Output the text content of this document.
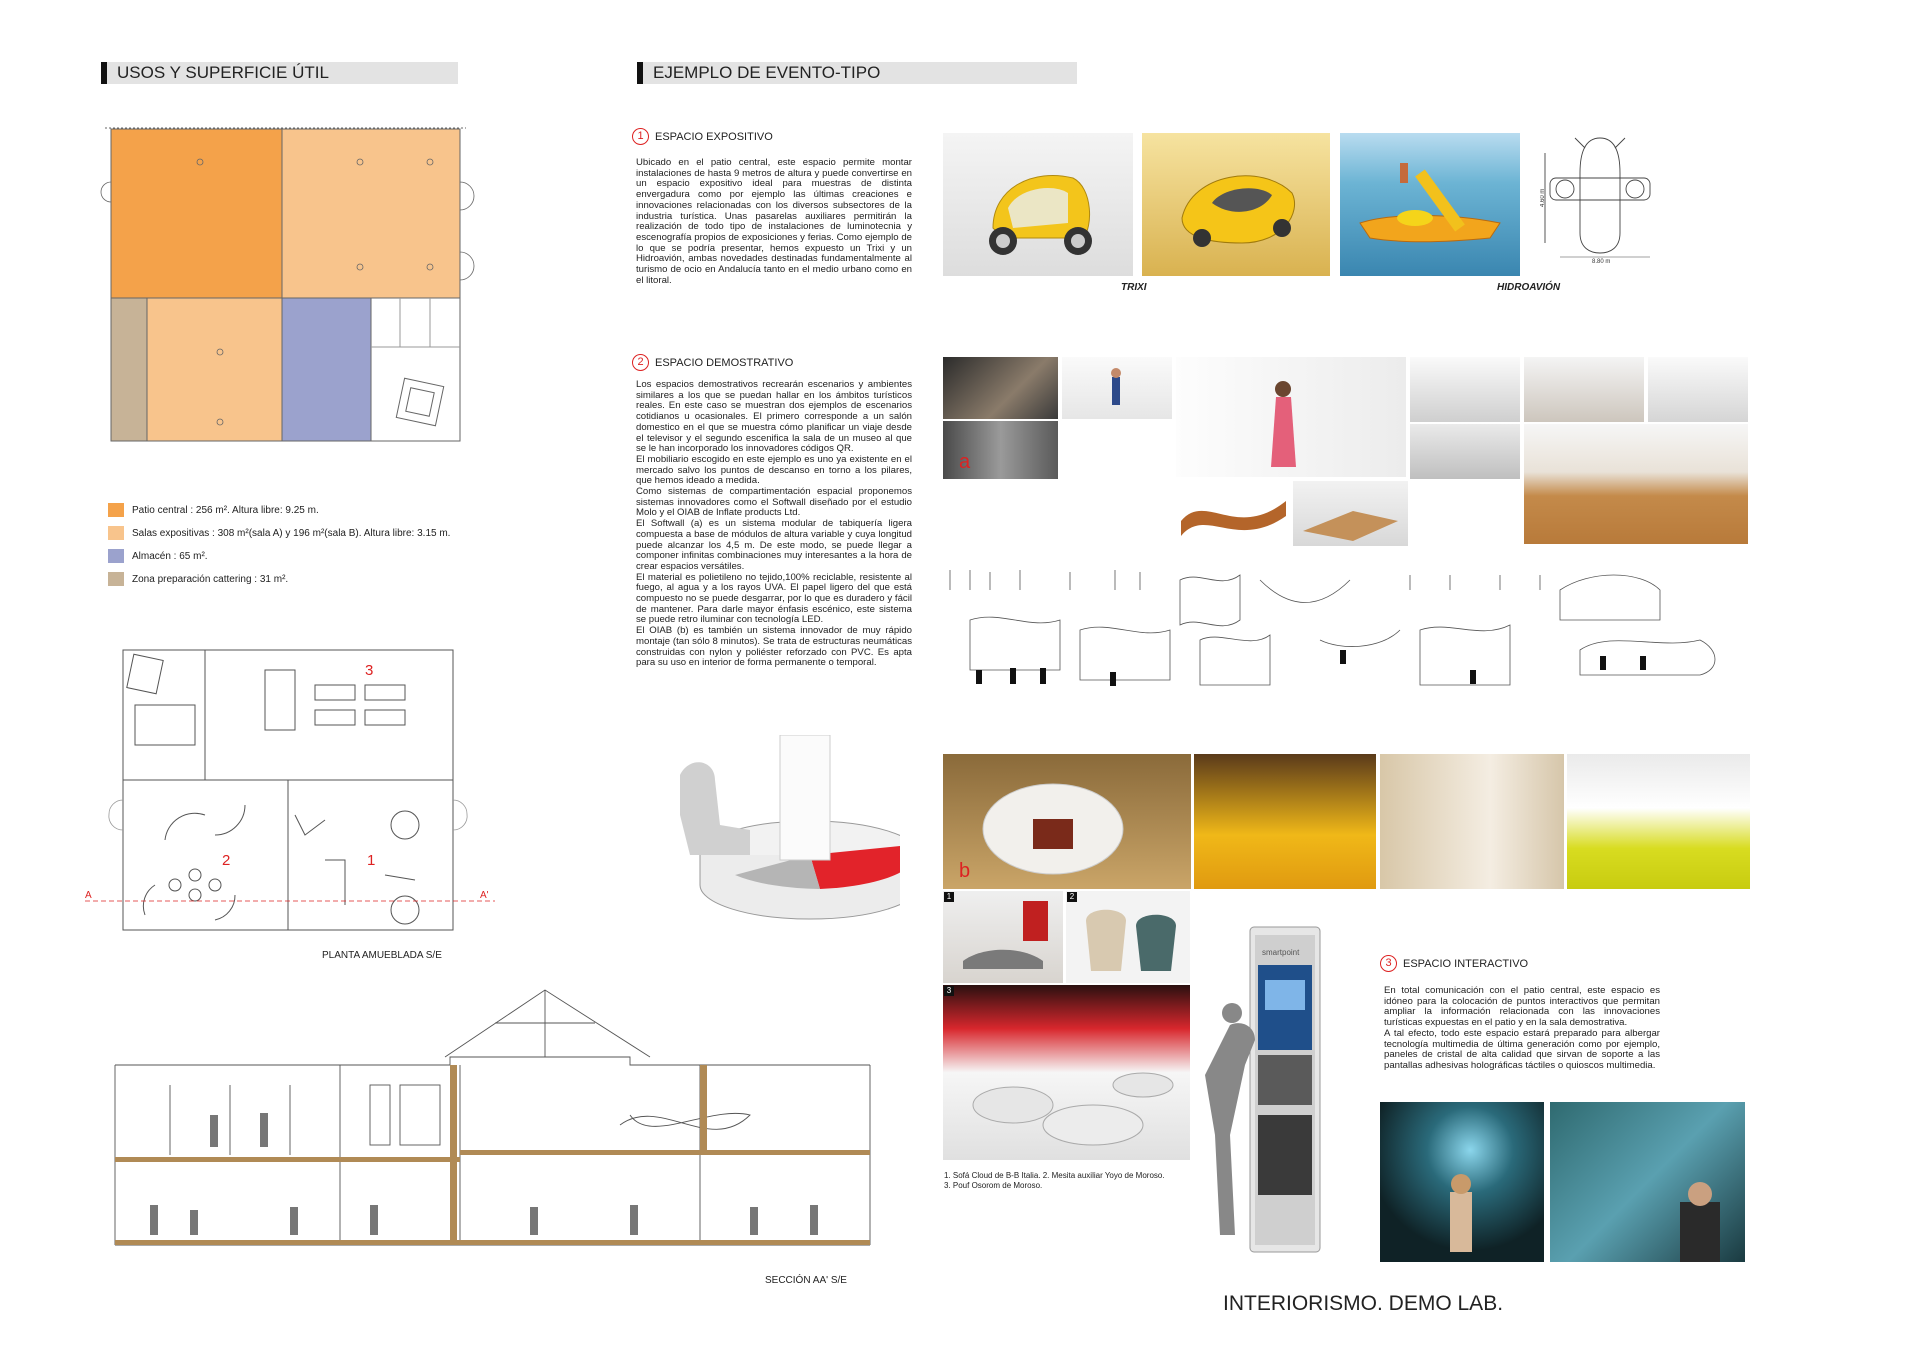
USOS Y SUPERFICIE ÚTIL
Patio central : 256 m². Altura libre: 9.25 m.
Salas expositivas : 308 m²(sala A) y 196 m²(sala B). Altura libre: 3.15 m.
Almacén : 65 m².
Zona preparación cattering : 31 m².
A	A'
3
2	1
PLANTA AMUEBLADA S/E
SECCIÓN AA' S/E
EJEMPLO DE EVENTO-TIPO
1	ESPACIO EXPOSITIVO
Ubicado en el patio central, este espacio permite montar instalaciones de hasta 9 metros de altura y puede convertirse en un espacio expositivo ideal para muestras de distinta envergadura como por ejemplo las últimas creaciones e innovaciones relacionadas con los diversos subsectores de la industria turística. Unas pasarelas auxiliares permitirán la realización de todo tipo de instalaciones de luminotecnia y escenografía propios de exposiciones y ferias. Como ejemplo de lo que se podría presentar, hemos expuesto un Trixi y un Hidroavión, ambas novedades destinadas fundamentalmente al turismo de ocio en Andalucía tanto en el medio urbano como en el litoral.
8.80 m
4.60 m
TRIXI	HIDROAVIÓN
2	ESPACIO DEMOSTRATIVO

Los espacios demostrativos recrearán escenarios y ambientes similares a los que se puedan hallar en los ámbitos turísticos reales. En este caso se muestran dos ejemplos de escenarios cotidianos u ocasionales. El primero corresponde a un salón domestico en el que se muestra cómo planificar un viaje desde el televisor y el segundo escenifica la sala de un museo al que se le han incorporado los innovadores códigos QR.

El mobiliario escogido en este ejemplo es uno ya existente en el mercado salvo los puntos de descanso en torno a los pilares, que hemos ideado a medida.

Como sistemas de compartimentación espacial proponemos sistemas innovadores como el Softwall diseñado por el estudio Molo y el OIAB de Inflate products Ltd.

El Softwall (a) es un sistema modular de tabiquería ligera compuesta a base de módulos de altura variable y cuya longitud puede alcanzar los 4,5 m. De este modo, se puede llegar a componer infinitas combinaciones muy interesantes a la hora de crear espacios versátiles.

El material es polietileno no tejido,100% reciclable, resistente al fuego, al agua y a los rayos UVA. El papel ligero del que está compuesto no se puede desgarrar, por lo que es duradero y fácil de mantener. Para darle mayor énfasis escénico, este sistema se puede retro iluminar con tecnología LED.

El OIAB (b) es también un sistema innovador de muy rápido montaje (tan sólo 8 minutos). Se trata de estructuras neumáticas construidas con nylon y poliéster reforzado con PVC. Es apta para su uso en interior de forma permanente o temporal.

a
b
1	2
3
1. Sofá Cloud de B-B Italia. 2. Mesita auxiliar Yoyo de Moroso.
3. Pouf Osorom de Moroso.
smartpoint
3	ESPACIO INTERACTIVO

En total comunicación con el patio central, este espacio es idóneo para la colocación de puntos interactivos que permitan ampliar la información relacionada con las innovaciones turísticas expuestas en el patio y en la sala demostrativa.

A tal efecto, todo este espacio estará preparado para albergar tecnología multimedia de última generación como por ejemplo, paneles de cristal de alta calidad que sirvan de soporte a las pantallas adhesivas holográficas táctiles o quioscos multimedia.

INTERIORISMO. DEMO LAB.
